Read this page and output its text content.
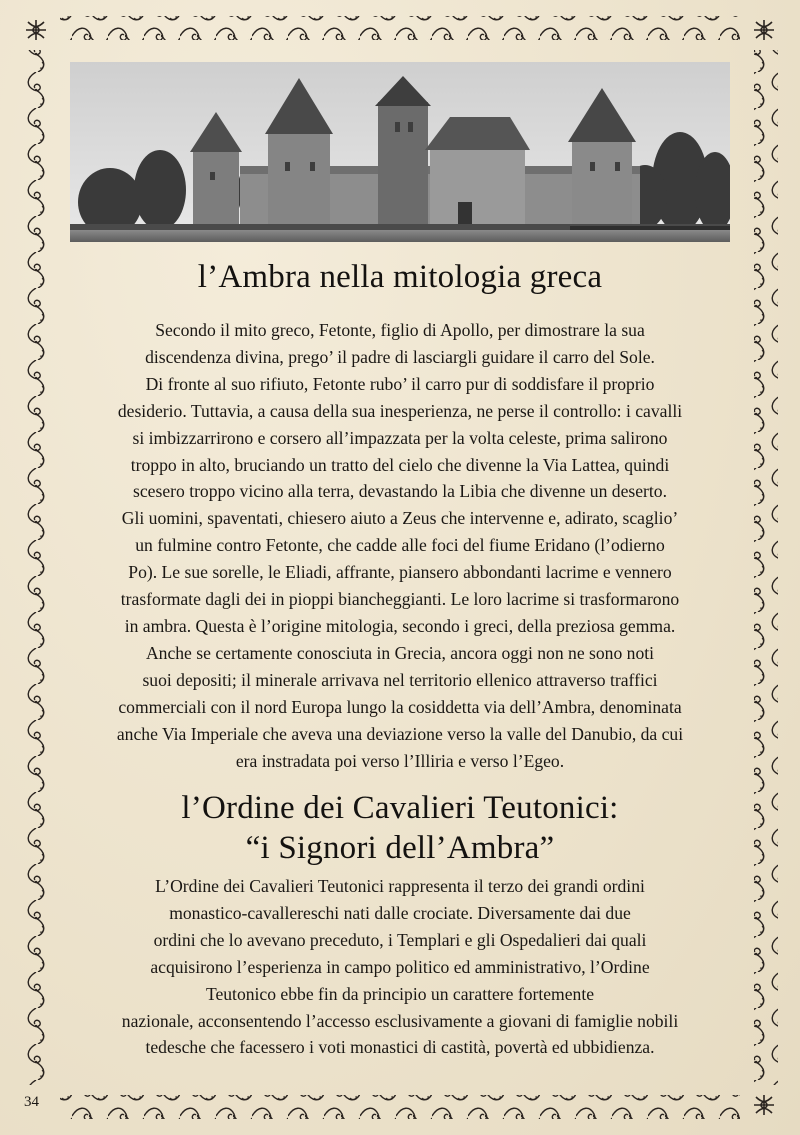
l’Ambra nella mitologia greca
Secondo il mito greco, Fetonte, figlio di Apollo, per dimostrare la sua
discendenza divina, prego’ il padre di lasciargli guidare il carro del Sole.
Di fronte al suo rifiuto, Fetonte rubo’ il carro pur di soddisfare il proprio
desiderio. Tuttavia, a causa della sua inesperienza, ne perse il controllo: i cavalli
si imbizzarrirono e corsero all’impazzata per la volta celeste, prima salirono
troppo in alto, bruciando un tratto del cielo che divenne la Via Lattea, quindi
scesero troppo vicino alla terra, devastando la Libia che divenne un deserto.
Gli uomini, spaventati, chiesero aiuto a Zeus che intervenne e, adirato, scaglio’
un fulmine contro Fetonte, che cadde alle foci del fiume Eridano (l’odierno
Po). Le sue sorelle, le Eliadi, affrante, piansero abbondanti lacrime e vennero
trasformate dagli dei in pioppi biancheggianti. Le loro lacrime si trasformarono
in ambra. Questa è l’origine mitologia, secondo i greci, della preziosa gemma.
Anche se certamente conosciuta in Grecia, ancora oggi non ne sono noti
suoi depositi; il minerale arrivava nel territorio ellenico attraverso traffici
commerciali con il nord Europa lungo la cosiddetta via dell’Ambra, denominata
anche Via Imperiale che aveva una deviazione verso la valle del Danubio, da cui
era instradata poi verso l’Illiria e verso l’Egeo.
l’Ordine dei Cavalieri Teutonici:
“i Signori dell’Ambra”
L’Ordine dei Cavalieri Teutonici rappresenta il terzo dei grandi ordini
monastico-cavallereschi nati dalle crociate. Diversamente dai due
ordini che lo avevano preceduto, i Templari e gli Ospedalieri dai quali
acquisirono l’esperienza in campo politico ed amministrativo, l’Ordine
Teutonico ebbe fin da principio un carattere fortemente
nazionale, acconsentendo l’accesso esclusivamente a giovani di famiglie nobili
tedesche che facessero i voti monastici di castità, povertà ed ubbidienza.
34
